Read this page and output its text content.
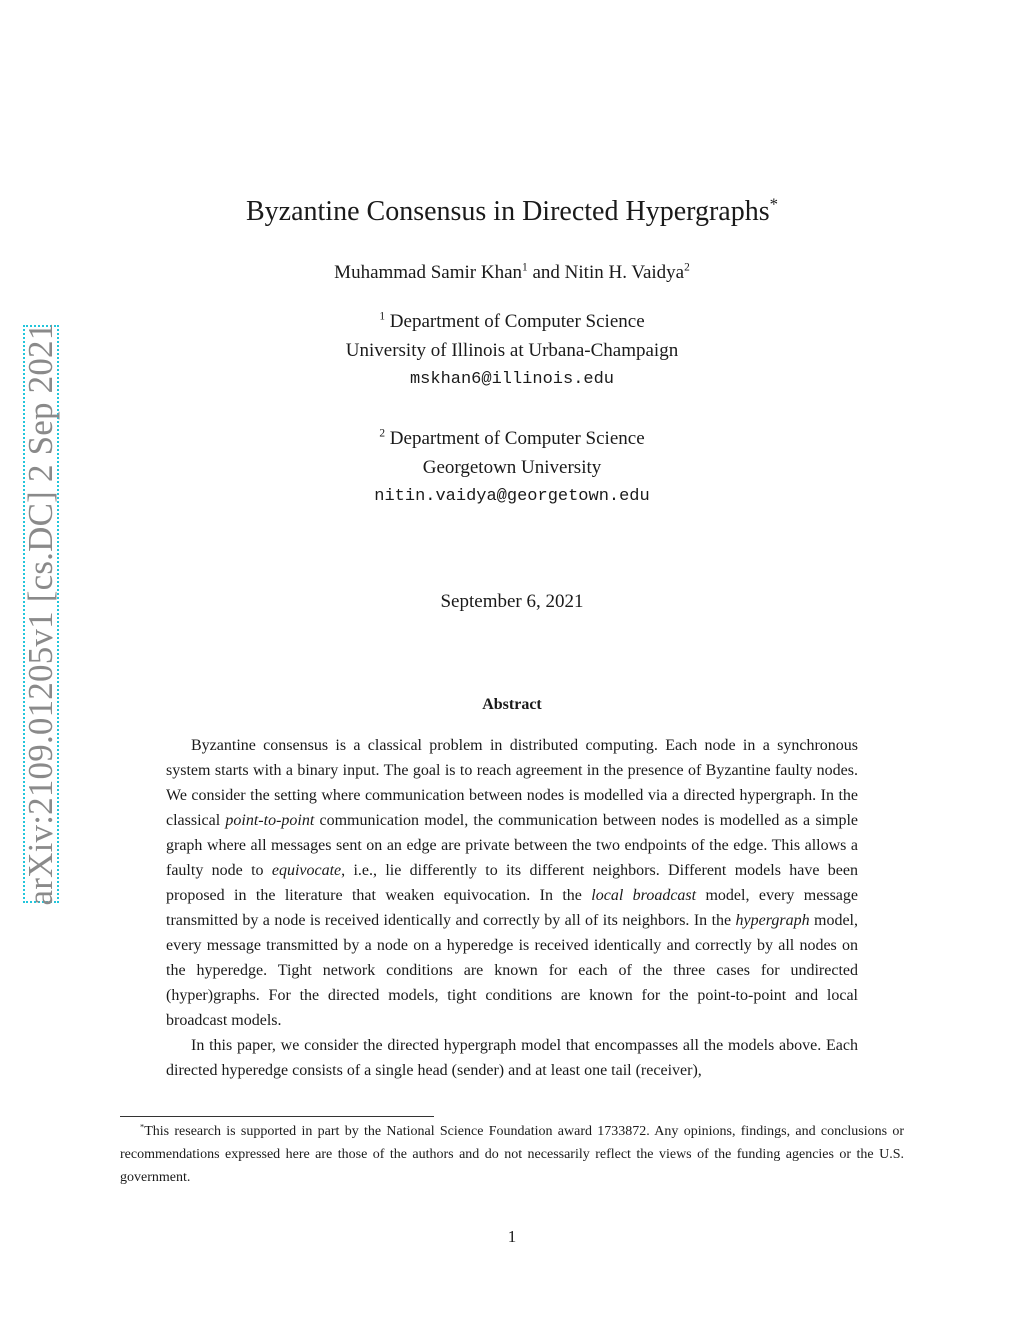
arXiv:2109.01205v1 [cs.DC] 2 Sep 2021
Byzantine Consensus in Directed Hypergraphs*
Muhammad Samir Khan$^1$ and Nitin H. Vaidya$^2$
$^1$ Department of Computer Science
University of Illinois at Urbana-Champaign
mskhan6@illinois.edu
$^2$ Department of Computer Science
Georgetown University
nitin.vaidya@georgetown.edu
September 6, 2021
Abstract

Byzantine consensus is a classical problem in distributed computing. Each node in a synchronous system starts with a binary input. The goal is to reach agreement in the presence of Byzantine faulty nodes. We consider the setting where communication between nodes is modelled via a directed hypergraph. In the classical point-to-point communication model, the communication between nodes is modelled as a simple graph where all messages sent on an edge are private between the two endpoints of the edge. This allows a faulty node to equivocate, i.e., lie differently to its different neighbors. Different models have been proposed in the literature that weaken equivocation. In the local broadcast model, every message transmitted by a node is received identically and correctly by all of its neighbors. In the hypergraph model, every message transmitted by a node on a hyperedge is received identically and correctly by all nodes on the hyperedge. Tight network conditions are known for each of the three cases for undirected (hyper)graphs. For the directed models, tight conditions are known for the point-to-point and local broadcast models.

In this paper, we consider the directed hypergraph model that encompasses all the models above. Each directed hyperedge consists of a single head (sender) and at least one tail (receiver),

*This research is supported in part by the National Science Foundation award 1733872. Any opinions, findings, and conclusions or recommendations expressed here are those of the authors and do not necessarily reflect the views of the funding agencies or the U.S. government.
1
